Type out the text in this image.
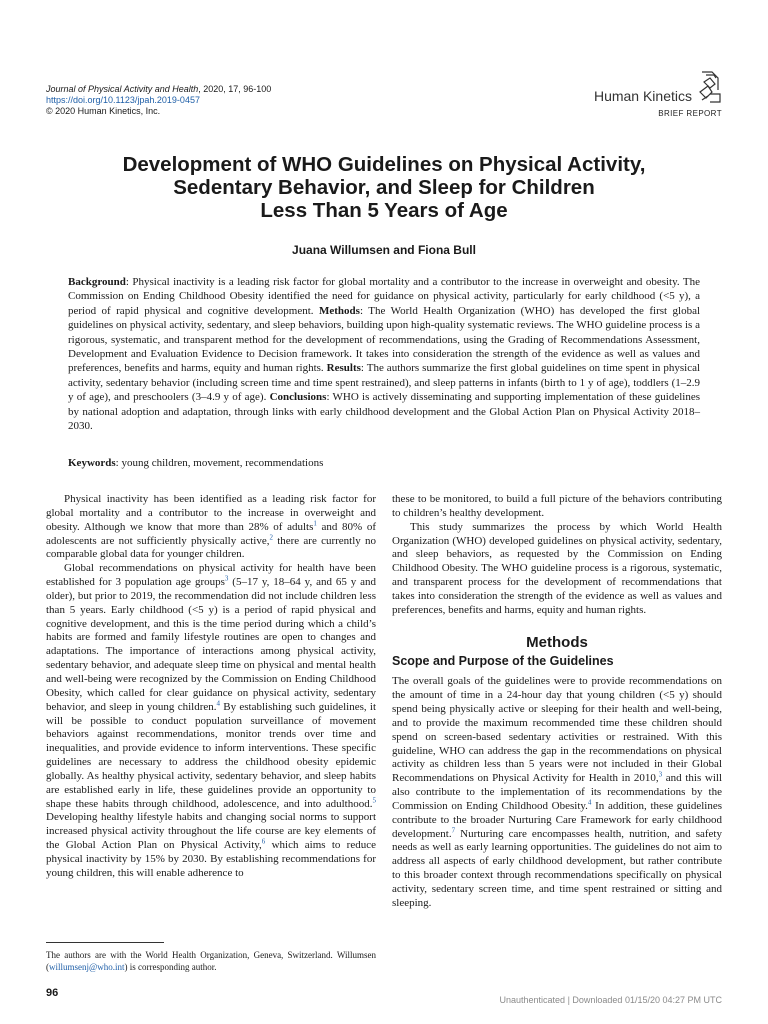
Journal of Physical Activity and Health, 2020, 17, 96-100
https://doi.org/10.1123/jpah.2019-0457
© 2020 Human Kinetics, Inc.
Human Kinetics
BRIEF REPORT
Development of WHO Guidelines on Physical Activity,
Sedentary Behavior, and Sleep for Children
Less Than 5 Years of Age
Juana Willumsen and Fiona Bull

Background: Physical inactivity is a leading risk factor for global mortality and a contributor to the increase in overweight and obesity. The Commission on Ending Childhood Obesity identified the need for guidance on physical activity, particularly for early childhood (<5 y), a period of rapid physical and cognitive development. Methods: The World Health Organization (WHO) has developed the first global guidelines on physical activity, sedentary, and sleep behaviors, building upon high-quality systematic reviews. The WHO guideline process is a rigorous, systematic, and transparent method for the development of recommendations, using the Grading of Recommendations Assessment, Development and Evaluation Evidence to Decision framework. It takes into consideration the strength of the evidence as well as values and preferences, benefits and harms, equity and human rights. Results: The authors summarize the first global guidelines on time spent in physical activity, sedentary behavior (including screen time and time spent restrained), and sleep patterns in infants (birth to 1 y of age), toddlers (1–2.9 y of age), and preschoolers (3–4.9 y of age). Conclusions: WHO is actively disseminating and supporting implementation of these guidelines by national adoption and adaptation, through links with early childhood development and the Global Action Plan on Physical Activity 2018–2030.

Keywords: young children, movement, recommendations

Physical inactivity has been identified as a leading risk factor for global mortality and a contributor to the increase in overweight and obesity. Although we know that more than 28% of adults$^1$ and 80% of adolescents are not sufficiently physically active,$^2$ there are currently no comparable global data for younger children.

Global recommendations on physical activity for health have been established for 3 population age groups$^3$ (5–17 y, 18–64 y, and 65 y and older), but prior to 2019, the recommendation did not include children less than 5 years. Early childhood (<5 y) is a period of rapid physical and cognitive development, and this is the time period during which a child’s habits are formed and family lifestyle routines are open to changes and adaptations. The importance of interactions among physical activity, sedentary behavior, and adequate sleep time on physical and mental health and well-being were recognized by the Commission on Ending Childhood Obesity, which called for clear guidance on physical activity, sedentary behavior, and sleep in young children.$^4$ By establishing such guidelines, it will be possible to conduct population surveillance of movement behaviors against recommendations, monitor trends over time and inequalities, and provide evidence to inform interventions. These specific guidelines are necessary to address the childhood obesity epidemic globally. As healthy physical activity, sedentary behavior, and sleep habits are established early in life, these guidelines provide an opportunity to shape these habits through childhood, adolescence, and into adulthood.$^5$ Developing healthy lifestyle habits and changing social norms to support increased physical activity throughout the life course are key elements of the Global Action Plan on Physical Activity,$^6$ which aims to reduce physical inactivity by 15% by 2030. By establishing recommendations for young children, this will enable adherence to

The authors are with the World Health Organization, Geneva, Switzerland. Willumsen (willumsenj@who.int) is corresponding author.

these to be monitored, to build a full picture of the behaviors contributing to children’s healthy development.

This study summarizes the process by which World Health Organization (WHO) developed guidelines on physical activity, sedentary, and sleep behaviors, as requested by the Commission on Ending Childhood Obesity. The WHO guideline process is a rigorous, systematic, and transparent process for the development of recommendations that takes into consideration the strength of the evidence as well as values and preferences, benefits and harms, equity and human rights.

Methods
Scope and Purpose of the Guidelines

The overall goals of the guidelines were to provide recommendations on the amount of time in a 24-hour day that young children (<5 y) should spend being physically active or sleeping for their health and well-being, and to provide the maximum recommended time these children should spend on screen-based sedentary activities or restrained. With this guideline, WHO can address the gap in the recommendations on physical activity as children less than 5 years were not included in their Global Recommendations on Physical Activity for Health in 2010,$^3$ and this will also contribute to the implementation of its recommendations by the Commission on Ending Childhood Obesity.$^4$ In addition, these guidelines contribute to the broader Nurturing Care Framework for early childhood development.$^7$ Nurturing care encompasses health, nutrition, and safety needs as well as early learning opportunities. The guidelines do not aim to address all aspects of early childhood development, but rather contribute to this broader context through recommendations specifically on physical activity, sedentary screen time, and time spent restrained or sitting and sleeping.

96
Unauthenticated | Downloaded 01/15/20 04:27 PM UTC
